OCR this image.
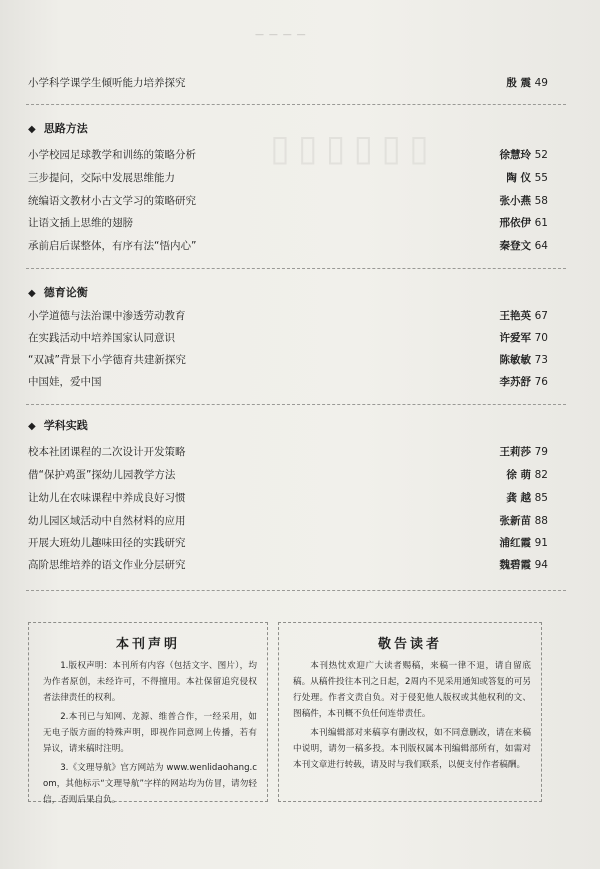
— — — —
▯▯▯▯▯▯
小学科学课学生倾听能力培养探究	殷 震 49
◆ 思路方法
小学校园足球教学和训练的策略分析	徐慧玲 52
三步提问，交际中发展思维能力	陶 仪 55
统编语文教材小古文学习的策略研究	张小燕 58
让语文插上思维的翅膀	邢依伊 61
承前启后谋整体，有序有法“悟内心”	秦登文 64
◆ 德育论衡
小学道德与法治课中渗透劳动教育	王艳英 67
在实践活动中培养国家认同意识	许爱军 70
“双减”背景下小学德育共建新探究	陈敏敏 73
中国娃，爱中国	李苏舒 76
◆ 学科实践
校本社团课程的二次设计开发策略	王莉莎 79
借“保护鸡蛋”探幼儿园教学方法	徐 萌 82
让幼儿在农味课程中养成良好习惯	龚 越 85
幼儿园区域活动中自然材料的应用	张新苗 88
开展大班幼儿趣味田径的实践研究	浦红霞 91
高阶思维培养的语文作业分层研究	魏碧霞 94
本刊声明

1.版权声明：本刊所有内容（包括文字、图片），均为作者原创，未经许可，不得擅用。本社保留追究侵权者法律责任的权利。

2.本刊已与知网、龙源、维普合作，一经采用，如无电子版方面的特殊声明，即视作同意网上传播，若有异议，请来稿时注明。

3.《文理导航》官方网站为 www.wenlidaohang.com，其他标示“文理导航”字样的网站均为仿冒，请勿轻信，否则后果自负。

敬告读者

本刊热忱欢迎广大读者赐稿，来稿一律不退，请自留底稿。从稿件投往本刊之日起，2周内不见采用通知或答复的可另行处理。作者文责自负。对于侵犯他人版权或其他权利的文、图稿件，本刊概不负任何连带责任。

本刊编辑部对来稿享有删改权，如不同意删改，请在来稿中说明，请勿一稿多投。本刊版权属本刊编辑部所有，如需对本刊文章进行转载，请及时与我们联系，以便支付作者稿酬。
